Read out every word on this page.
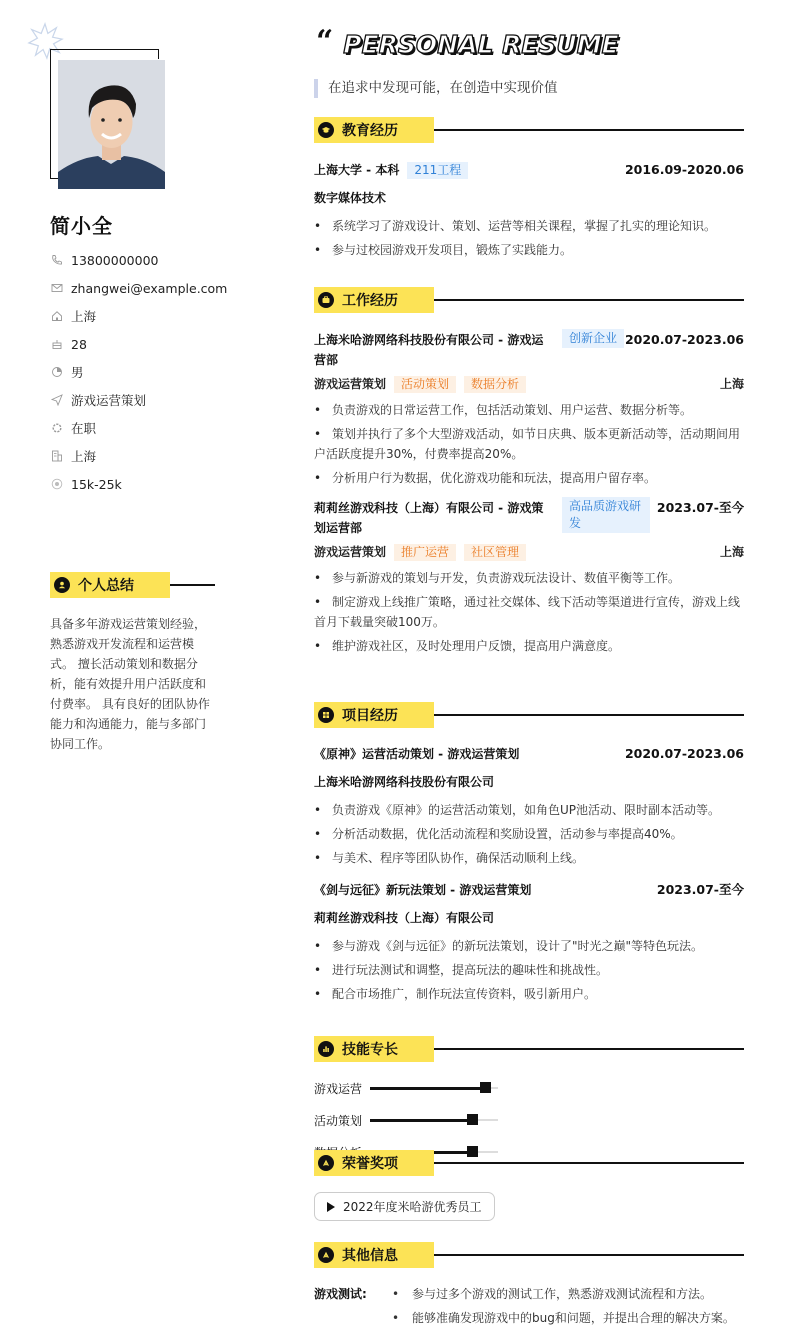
简小全
13800000000
zhangwei@example.com
上海
28
男
游戏运营策划
在职
上海
15k-25k
个人总结
具备多年游戏运营策划经验，熟悉游戏开发流程和运营模式。 擅长活动策划和数据分析，能有效提升用户活跃度和付费率。 具有良好的团队协作能力和沟通能力，能与多部门协同工作。
“ PERSONAL RESUME
在追求中发现可能，在创造中实现价值
教育经历
上海大学 - 本科	211工程	2016.09-2020.06
数字媒体技术
• 系统学习了游戏设计、策划、运营等相关课程，掌握了扎实的理论知识。
• 参与过校园游戏开发项目，锻炼了实践能力。
工作经历
上海米哈游网络科技股份有限公司 - 游戏运营部
创新企业 2020.07-2023.06
游戏运营策划	活动策划	数据分析	上海
• 负责游戏的日常运营工作，包括活动策划、用户运营、数据分析等。
• 策划并执行了多个大型游戏活动，如节日庆典、版本更新活动等，活动期间用户活跃度提升30%，付费率提高20%。
• 分析用户行为数据，优化游戏功能和玩法，提高用户留存率。
莉莉丝游戏科技（上海）有限公司 - 游戏策划运营部
高品质游戏研发
2023.07-至今
游戏运营策划	推广运营	社区管理	上海
• 参与新游戏的策划与开发，负责游戏玩法设计、数值平衡等工作。
• 制定游戏上线推广策略，通过社交媒体、线下活动等渠道进行宣传，游戏上线首月下载量突破100万。
• 维护游戏社区，及时处理用户反馈，提高用户满意度。
项目经历
《原神》运营活动策划 - 游戏运营策划	2020.07-2023.06
上海米哈游网络科技股份有限公司
• 负责游戏《原神》的运营活动策划，如角色UP池活动、限时副本活动等。
• 分析活动数据，优化活动流程和奖励设置，活动参与率提高40%。
• 与美术、程序等团队协作，确保活动顺利上线。
《剑与远征》新玩法策划 - 游戏运营策划	2023.07-至今
莉莉丝游戏科技（上海）有限公司
• 参与游戏《剑与远征》的新玩法策划，设计了"时光之巅"等特色玩法。
• 进行玩法测试和调整，提高玩法的趣味性和挑战性。
• 配合市场推广，制作玩法宣传资料，吸引新用户。
技能专长
游戏运营
活动策划
荣誉奖项
2022年度米哈游优秀员工
其他信息
游戏测试:	• 参与过多个游戏的测试工作，熟悉游戏测试流程和方法。
• 能够准确发现游戏中的bug和问题，并提出合理的解决方案。
